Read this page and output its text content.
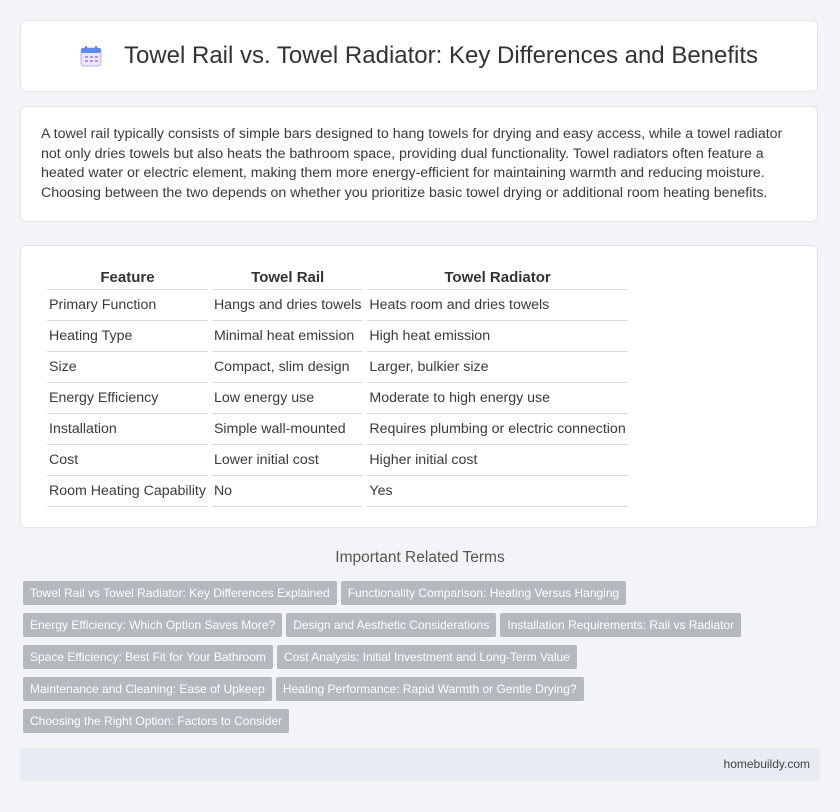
Towel Rail vs. Towel Radiator: Key Differences and Benefits

A towel rail typically consists of simple bars designed to hang towels for drying and easy access, while a towel radiator not only dries towels but also heats the bathroom space, providing dual functionality. Towel radiators often feature a heated water or electric element, making them more energy-efficient for maintaining warmth and reducing moisture. Choosing between the two depends on whether you prioritize basic towel drying or additional room heating benefits.

Feature	Towel Rail	Towel Radiator
Primary Function	Hangs and dries towels	Heats room and dries towels
Heating Type	Minimal heat emission	High heat emission
Size	Compact, slim design	Larger, bulkier size
Energy Efficiency	Low energy use	Moderate to high energy use
Installation	Simple wall-mounted	Requires plumbing or electric connection
Cost	Lower initial cost	Higher initial cost
Room Heating Capability	No	Yes
Important Related Terms
Towel Rail vs Towel Radiator: Key Differences Explained Functionality Comparison: Heating Versus Hanging
Energy Efficiency: Which Option Saves More? Design and Aesthetic Considerations Installation Requirements: Rail vs Radiator
Space Efficiency: Best Fit for Your Bathroom Cost Analysis: Initial Investment and Long-Term Value
Maintenance and Cleaning: Ease of Upkeep Heating Performance: Rapid Warmth or Gentle Drying?
Choosing the Right Option: Factors to Consider
homebuildy.com
